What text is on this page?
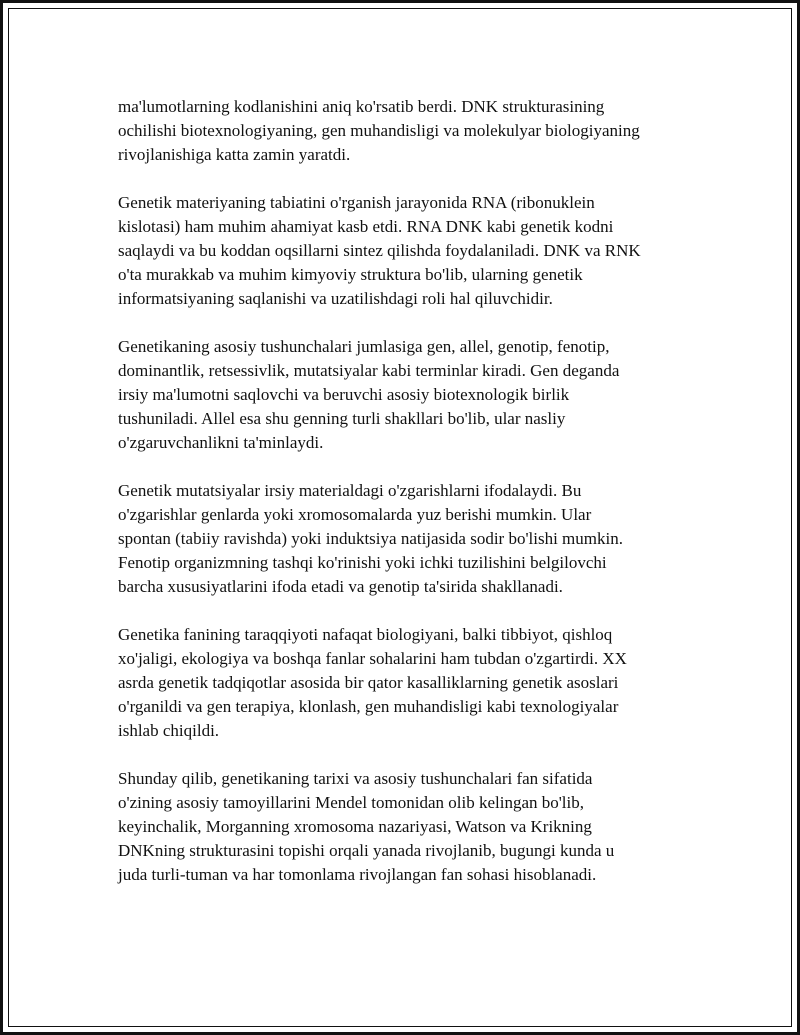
ma'lumotlarning kodlanishini aniq ko'rsatib berdi. DNK strukturasining
ochilishi biotexnologiyaning, gen muhandisligi va molekulyar biologiyaning
rivojlanishiga katta zamin yaratdi.

Genetik materiyaning tabiatini o'rganish jarayonida RNA (ribonuklein
kislotasi) ham muhim ahamiyat kasb etdi. RNA DNK kabi genetik kodni
saqlaydi va bu koddan oqsillarni sintez qilishda foydalaniladi. DNK va RNK
o'ta murakkab va muhim kimyoviy struktura bo'lib, ularning genetik
informatsiyaning saqlanishi va uzatilishdagi roli hal qiluvchidir.

Genetikaning asosiy tushunchalari jumlasiga gen, allel, genotip, fenotip,
dominantlik, retsessivlik, mutatsiyalar kabi terminlar kiradi. Gen deganda
irsiy ma'lumotni saqlovchi va beruvchi asosiy biotexnologik birlik
tushuniladi. Allel esa shu genning turli shakllari bo'lib, ular nasliy
o'zgaruvchanlikni ta'minlaydi.

Genetik mutatsiyalar irsiy materialdagi o'zgarishlarni ifodalaydi. Bu
o'zgarishlar genlarda yoki xromosomalarda yuz berishi mumkin. Ular
spontan (tabiiy ravishda) yoki induktsiya natijasida sodir bo'lishi mumkin.
Fenotip organizmning tashqi ko'rinishi yoki ichki tuzilishini belgilovchi
barcha xususiyatlarini ifoda etadi va genotip ta'sirida shakllanadi.

Genetika fanining taraqqiyoti nafaqat biologiyani, balki tibbiyot, qishloq
xo'jaligi, ekologiya va boshqa fanlar sohalarini ham tubdan o'zgartirdi. XX
asrda genetik tadqiqotlar asosida bir qator kasalliklarning genetik asoslari
o'rganildi va gen terapiya, klonlash, gen muhandisligi kabi texnologiyalar
ishlab chiqildi.

Shunday qilib, genetikaning tarixi va asosiy tushunchalari fan sifatida
o'zining asosiy tamoyillarini Mendel tomonidan olib kelingan bo'lib,
keyinchalik, Morganning xromosoma nazariyasi, Watson va Krikning
DNKning strukturasini topishi orqali yanada rivojlanib, bugungi kunda u
juda turli-tuman va har tomonlama rivojlangan fan sohasi hisoblanadi.
